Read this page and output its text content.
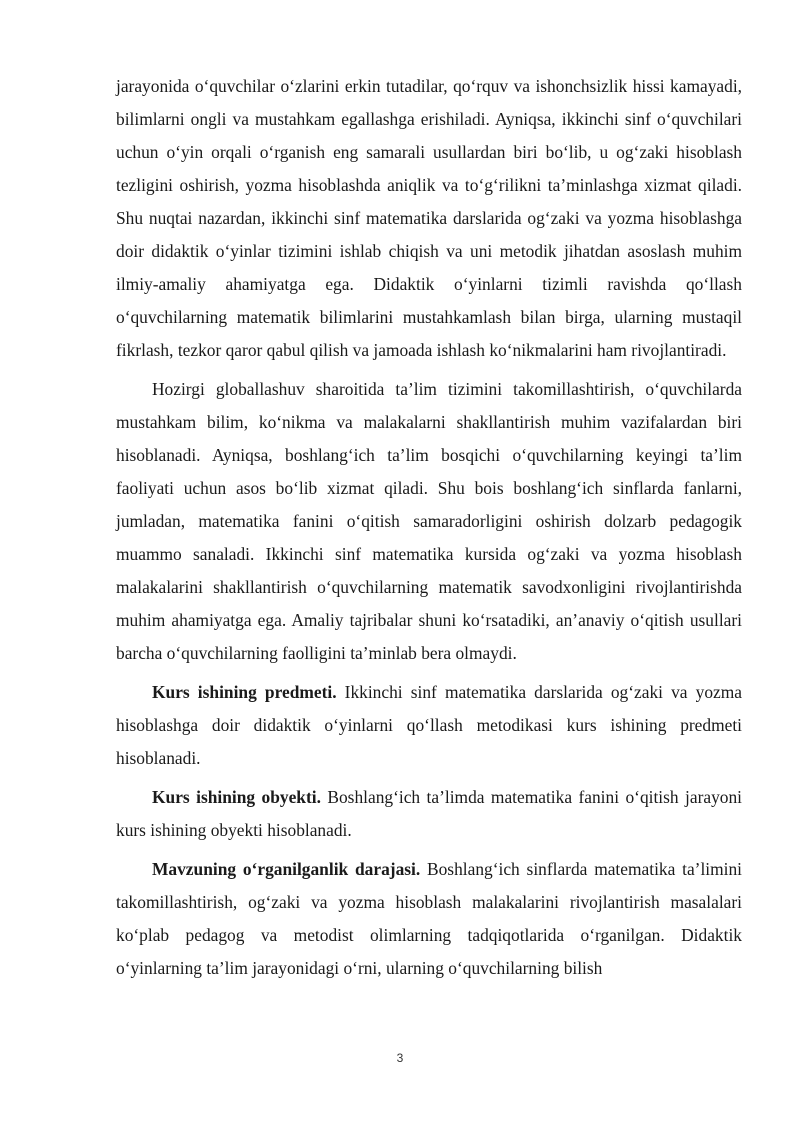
jarayonida o‘quvchilar o‘zlarini erkin tutadilar, qo‘rquv va ishonchsizlik hissi kamayadi, bilimlarni ongli va mustahkam egallashga erishiladi. Ayniqsa, ikkinchi sinf o‘quvchilari uchun o‘yin orqali o‘rganish eng samarali usullardan biri bo‘lib, u og‘zaki hisoblash tezligini oshirish, yozma hisoblashda aniqlik va to‘g‘rilikni ta’minlashga xizmat qiladi. Shu nuqtai nazardan, ikkinchi sinf matematika darslarida og‘zaki va yozma hisoblashga doir didaktik o‘yinlar tizimini ishlab chiqish va uni metodik jihatdan asoslash muhim ilmiy-amaliy ahamiyatga ega. Didaktik o‘yinlarni tizimli ravishda qo‘llash o‘quvchilarning matematik bilimlarini mustahkamlash bilan birga, ularning mustaqil fikrlash, tezkor qaror qabul qilish va jamoada ishlash ko‘nikmalarini ham rivojlantiradi.

Hozirgi globallashuv sharoitida ta’lim tizimini takomillashtirish, o‘quvchilarda mustahkam bilim, ko‘nikma va malakalarni shakllantirish muhim vazifalardan biri hisoblanadi. Ayniqsa, boshlang‘ich ta’lim bosqichi o‘quvchilarning keyingi ta’lim faoliyati uchun asos bo‘lib xizmat qiladi. Shu bois boshlang‘ich sinflarda fanlarni, jumladan, matematika fanini o‘qitish samaradorligini oshirish dolzarb pedagogik muammo sanaladi. Ikkinchi sinf matematika kursida og‘zaki va yozma hisoblash malakalarini shakllantirish o‘quvchilarning matematik savodxonligini rivojlantirishda muhim ahamiyatga ega. Amaliy tajribalar shuni ko‘rsatadiki, an’anaviy o‘qitish usullari barcha o‘quvchilarning faolligini ta’minlab bera olmaydi.

Kurs ishining predmeti. Ikkinchi sinf matematika darslarida og‘zaki va yozma hisoblashga doir didaktik o‘yinlarni qo‘llash metodikasi kurs ishining predmeti hisoblanadi.

Kurs ishining obyekti. Boshlang‘ich ta’limda matematika fanini o‘qitish jarayoni kurs ishining obyekti hisoblanadi.

Mavzuning o‘rganilganlik darajasi. Boshlang‘ich sinflarda matematika ta’limini takomillashtirish, og‘zaki va yozma hisoblash malakalarini rivojlantirish masalalari ko‘plab pedagog va metodist olimlarning tadqiqotlarida o‘rganilgan. Didaktik o‘yinlarning ta’lim jarayonidagi o‘rni, ularning o‘quvchilarning bilish

3
